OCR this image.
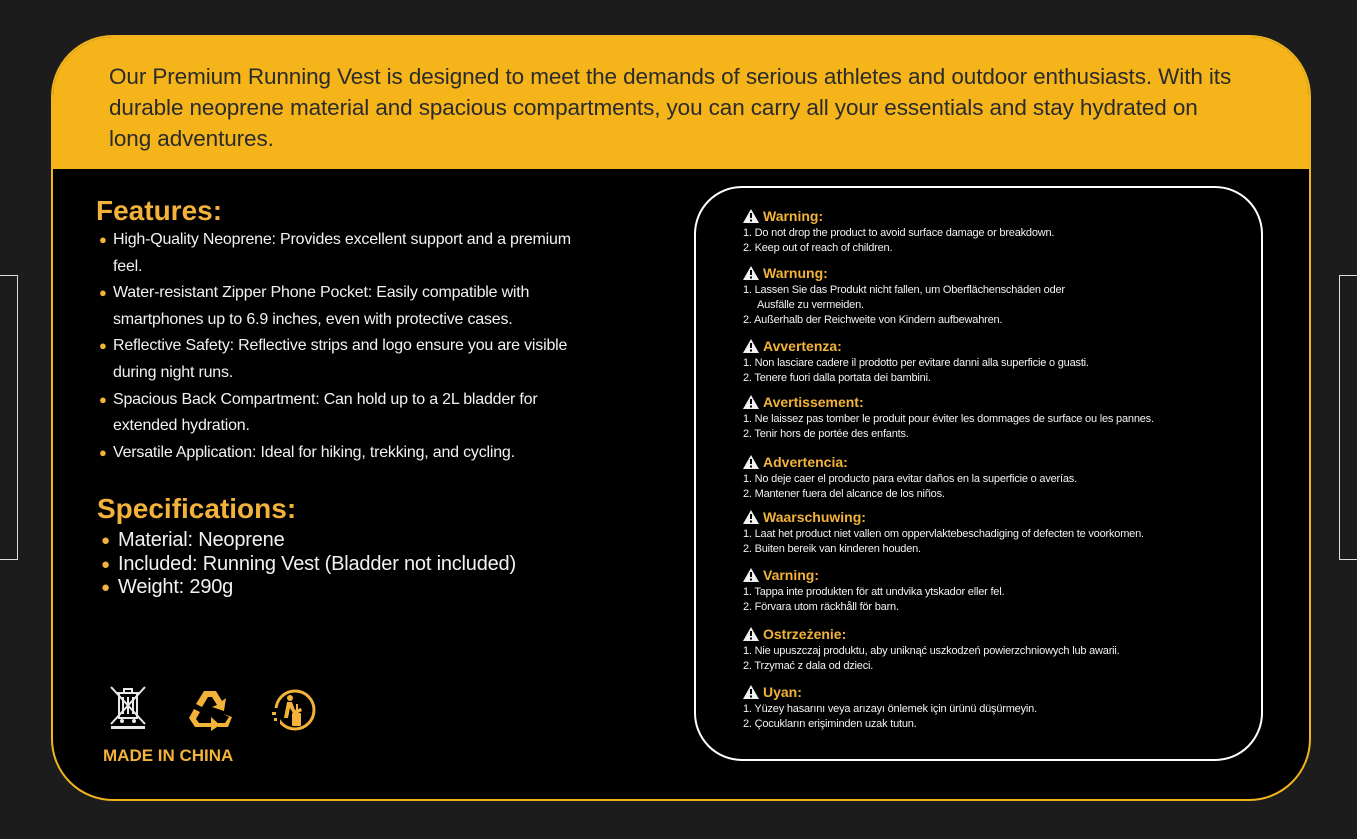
Our Premium Running Vest is designed to meet the demands of serious athletes and outdoor enthusiasts. With its durable neoprene material and spacious compartments, you can carry all your essentials and stay hydrated on long adventures.

Features:
● High-Quality Neoprene: Provides excellent support and a premium feel.
● Water-resistant Zipper Phone Pocket: Easily compatible with smartphones up to 6.9 inches, even with protective cases.
● Reflective Safety: Reflective strips and logo ensure you are visible during night runs.
● Spacious Back Compartment: Can hold up to a 2L bladder for extended hydration.
● Versatile Application: Ideal for hiking, trekking, and cycling.
Specifications:
● Material: Neoprene
● Included: Running Vest (Bladder not included)
● Weight: 290g

MADE IN CHINA

Warning:

1. Do not drop the product to avoid surface damage or breakdown.

2. Keep out of reach of children.

Warnung:

1. Lassen Sie das Produkt nicht fallen, um Oberflächenschäden oder

Ausfälle zu vermeiden.

2. Außerhalb der Reichweite von Kindern aufbewahren.

Avvertenza:

1. Non lasciare cadere il prodotto per evitare danni alla superficie o guasti.

2. Tenere fuori dalla portata dei bambini.

Avertissement:

1. Ne laissez pas tomber le produit pour éviter les dommages de surface ou les pannes.

2. Tenir hors de portée des enfants.

Advertencia:

1. No deje caer el producto para evitar daños en la superficie o averías.

2. Mantener fuera del alcance de los niños.

Waarschuwing:

1. Laat het product niet vallen om oppervlaktebeschadiging of defecten te voorkomen.

2. Buiten bereik van kinderen houden.

Varning:

1. Tappa inte produkten för att undvika ytskador eller fel.

2. Förvara utom räckhåll för barn.

Ostrzeżenie:

1. Nie upuszczaj produktu, aby uniknąć uszkodzeń powierzchniowych lub awarii.

2. Trzymać z dala od dzieci.

Uyan:

1. Yüzey hasarını veya arızayı önlemek için ürünü düşürmeyin.

2. Çocukların erişiminden uzak tutun.
